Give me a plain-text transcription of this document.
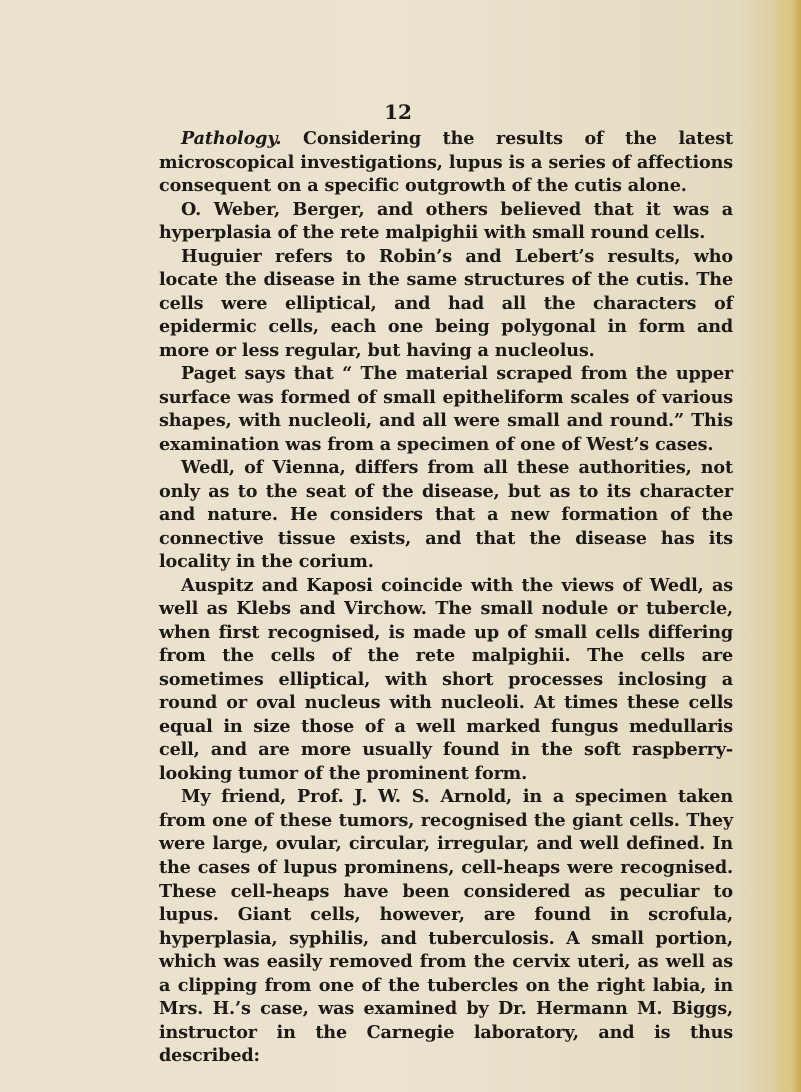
12

Pathology. Considering the results of the latest microscopical investigations, lupus is a series of affections consequent on a specific outgrowth of the cutis alone.

O. Weber, Berger, and others believed that it was a hyperplasia of the rete malpighii with small round cells.

Huguier refers to Robin’s and Lebert’s results, who locate the disease in the same structures of the cutis. The cells were elliptical, and had all the characters of epidermic cells, each one being polygonal in form and more or less regular, but having a nucleolus.

Paget says that “ The material scraped from the upper surface was formed of small epitheliform scales of various shapes, with nucleoli, and all were small and round.” This examination was from a specimen of one of West’s cases.

Wedl, of Vienna, differs from all these authorities, not only as to the seat of the disease, but as to its character and nature. He considers that a new formation of the connective tissue exists, and that the disease has its locality in the corium.

Auspitz and Kaposi coincide with the views of Wedl, as well as Klebs and Virchow. The small nodule or tubercle, when first recognised, is made up of small cells differing from the cells of the rete malpighii. The cells are sometimes elliptical, with short processes inclosing a round or oval nucleus with nucleoli. At times these cells equal in size those of a well marked fungus medullaris cell, and are more usually found in the soft raspberry-looking tumor of the prominent form.

My friend, Prof. J. W. S. Arnold, in a specimen taken from one of these tumors, recognised the giant cells. They were large, ovular, circular, irregular, and well defined. In the cases of lupus prominens, cell-heaps were recognised. These cell-heaps have been considered as peculiar to lupus. Giant cells, however, are found in scrofula, hyperplasia, syphilis, and tuberculosis. A small portion, which was easily removed from the cervix uteri, as well as a clipping from one of the tubercles on the right labia, in Mrs. H.’s case, was examined by Dr. Hermann M. Biggs, instructor in the Carnegie laboratory, and is thus described:
